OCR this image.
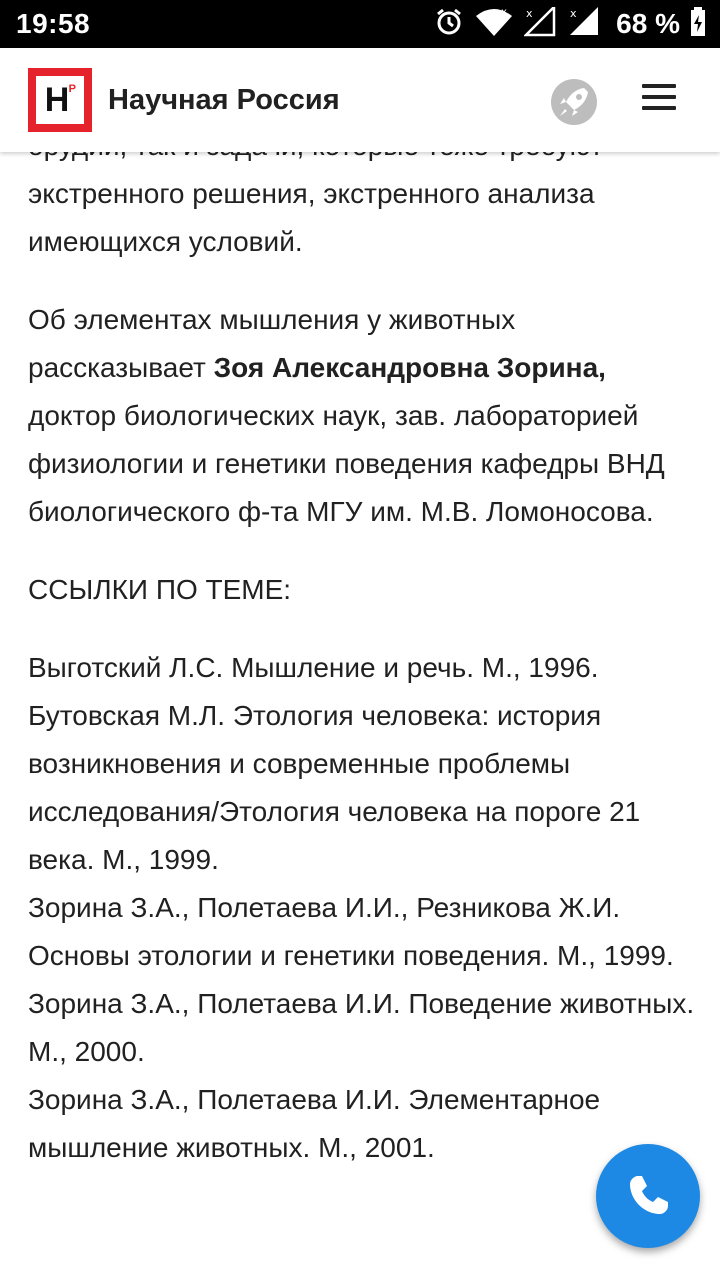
19:58	x x	x 68 %
Н Р Научная Россия

экстренного решения, экстренного анализа имеющихся условий.

Об элементах мышления у животных рассказывает Зоя Александровна Зорина, доктор биологических наук, зав. лабораторией физиологии и генетики поведения кафедры ВНД биологического ф-та МГУ им. М.В. Ломоносова.

ССЫЛКИ ПО ТЕМЕ:

Выготский Л.С. Мышление и речь. М., 1996.

Бутовская М.Л. Этология человека: история возникновения и современные проблемы исследования/Этология человека на пороге 21 века. М., 1999.

Зорина З.А., Полетаева И.И., Резникова Ж.И. Основы этологии и генетики поведения. М., 1999.

Зорина З.А., Полетаева И.И. Поведение животных. М., 2000.

Зорина З.А., Полетаева И.И. Элементарное мышление животных. М., 2001.
